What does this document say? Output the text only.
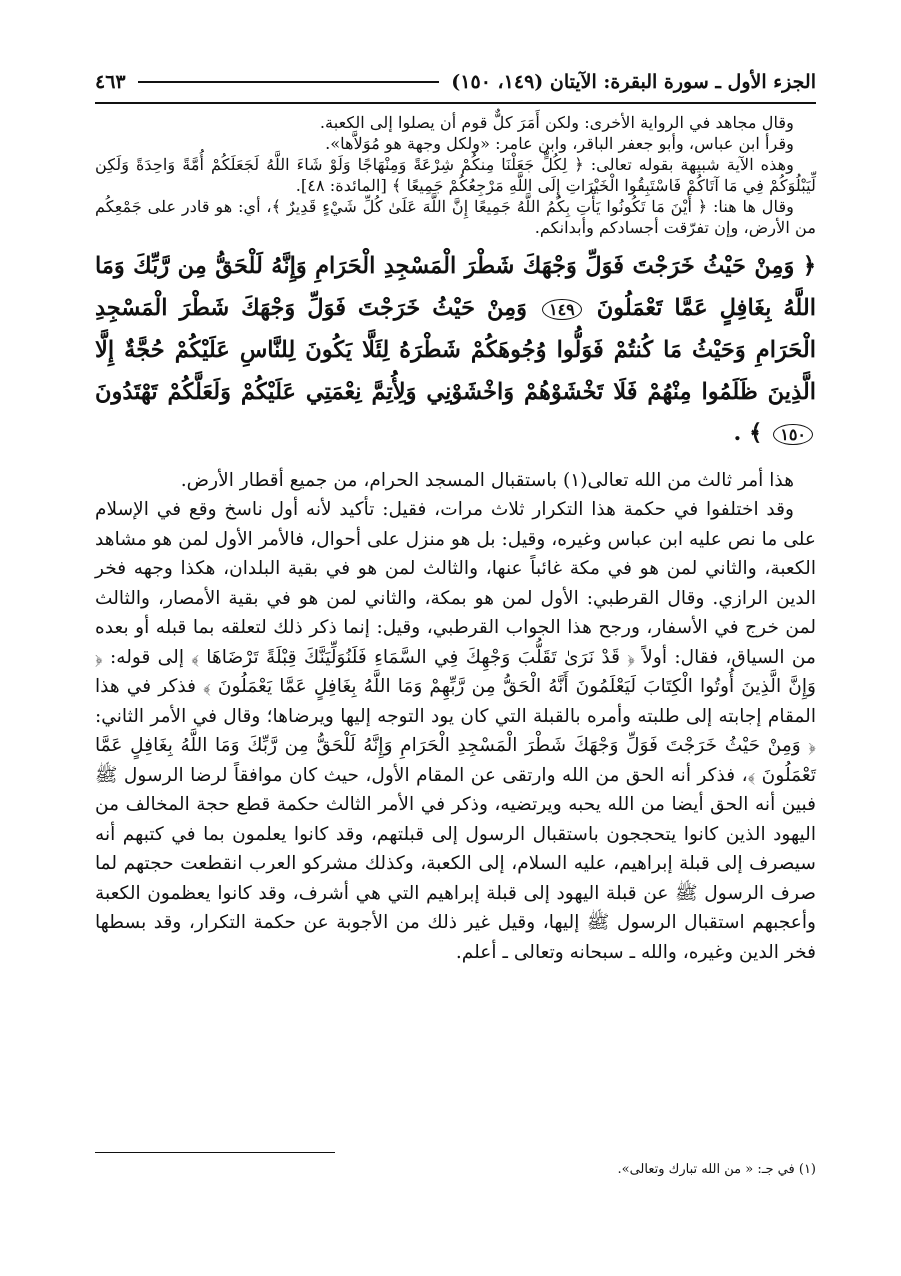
الجزء الأول ـ سورة البقرة: الآيتان (١٤٩، ١٥٠)
٤٦٣

وقال مجاهد في الرواية الأخرى: ولكن أَمَرَ كلٌّ قوم أن يصلوا إلى الكعبة.

وقرأ ابن عباس، وأبو جعفر الباقر، وابن عامر: «ولكل وجهة هو مُوَلاَّها».

وهذه الآية شبيهة بقوله تعالى: ﴿ لِكُلٍّ جَعَلْنَا مِنكُمْ شِرْعَةً وَمِنْهَاجًا وَلَوْ شَاءَ اللَّهُ لَجَعَلَكُمْ أُمَّةً وَاحِدَةً وَلَكِن لِّيَبْلُوَكُمْ فِي مَا آتَاكُمْ فَاسْتَبِقُوا الْخَيْرَاتِ إِلَى اللَّهِ مَرْجِعُكُمْ جَمِيعًا ﴾ [المائدة: ٤٨].

وقال ها هنا: ﴿ أَيْنَ مَا تَكُونُوا يَأْتِ بِكُمُ اللَّهُ جَمِيعًا إِنَّ اللَّهَ عَلَىٰ كُلِّ شَيْءٍ قَدِيرٌ ﴾، أي: هو قادر على جَمْعِكُم من الأرض، وإن تفرّقت أجسادكم وأبدانكم.

﴿ وَمِنْ حَيْثُ خَرَجْتَ فَوَلِّ وَجْهَكَ شَطْرَ الْمَسْجِدِ الْحَرَامِ وَإِنَّهُ لَلْحَقُّ مِن رَّبِّكَ وَمَا اللَّهُ بِغَافِلٍ عَمَّا تَعْمَلُونَ ١٤٩ وَمِنْ حَيْثُ خَرَجْتَ فَوَلِّ وَجْهَكَ شَطْرَ الْمَسْجِدِ الْحَرَامِ وَحَيْثُ مَا كُنتُمْ فَوَلُّوا وُجُوهَكُمْ شَطْرَهُ لِئَلَّا يَكُونَ لِلنَّاسِ عَلَيْكُمْ حُجَّةٌ إِلَّا الَّذِينَ ظَلَمُوا مِنْهُمْ فَلَا تَخْشَوْهُمْ وَاخْشَوْنِي وَلِأُتِمَّ نِعْمَتِي عَلَيْكُمْ وَلَعَلَّكُمْ تَهْتَدُونَ ١٥٠ ﴾ .

هذا أمر ثالث من الله تعالى(١) باستقبال المسجد الحرام، من جميع أقطار الأرض.

وقد اختلفوا في حكمة هذا التكرار ثلاث مرات، فقيل: تأكيد لأنه أول ناسخ وقع في الإسلام على ما نص عليه ابن عباس وغيره، وقيل: بل هو منزل على أحوال، فالأمر الأول لمن هو مشاهد الكعبة، والثاني لمن هو في مكة غائباً عنها، والثالث لمن هو في بقية البلدان، هكذا وجهه فخر الدين الرازي. وقال القرطبي: الأول لمن هو بمكة، والثاني لمن هو في بقية الأمصار، والثالث لمن خرج في الأسفار، ورجح هذا الجواب القرطبي، وقيل: إنما ذكر ذلك لتعلقه بما قبله أو بعده من السياق، فقال: أولاً ﴿ قَدْ نَرَىٰ تَقَلُّبَ وَجْهِكَ فِي السَّمَاءِ فَلَنُوَلِّيَنَّكَ قِبْلَةً تَرْضَاهَا ﴾ إلى قوله: ﴿ وَإِنَّ الَّذِينَ أُوتُوا الْكِتَابَ لَيَعْلَمُونَ أَنَّهُ الْحَقُّ مِن رَّبِّهِمْ وَمَا اللَّهُ بِغَافِلٍ عَمَّا يَعْمَلُونَ ﴾ فذكر في هذا المقام إجابته إلى طلبته وأمره بالقبلة التي كان يود التوجه إليها ويرضاها؛ وقال في الأمر الثاني: ﴿ وَمِنْ حَيْثُ خَرَجْتَ فَوَلِّ وَجْهَكَ شَطْرَ الْمَسْجِدِ الْحَرَامِ وَإِنَّهُ لَلْحَقُّ مِن رَّبِّكَ وَمَا اللَّهُ بِغَافِلٍ عَمَّا تَعْمَلُونَ ﴾، فذكر أنه الحق من الله وارتقى عن المقام الأول، حيث كان موافقاً لرضا الرسول ﷺ فبين أنه الحق أيضا من الله يحبه ويرتضيه، وذكر في الأمر الثالث حكمة قطع حجة المخالف من اليهود الذين كانوا يتحججون باستقبال الرسول إلى قبلتهم، وقد كانوا يعلمون بما في كتبهم أنه سيصرف إلى قبلة إبراهيم، عليه السلام، إلى الكعبة، وكذلك مشركو العرب انقطعت حجتهم لما صرف الرسول ﷺ عن قبلة اليهود إلى قبلة إبراهيم التي هي أشرف، وقد كانوا يعظمون الكعبة وأعجبهم استقبال الرسول ﷺ إليها، وقيل غير ذلك من الأجوبة عن حكمة التكرار، وقد بسطها فخر الدين وغيره، والله ـ سبحانه وتعالى ـ أعلم.

(١) في جـ: « من الله تبارك وتعالى».
